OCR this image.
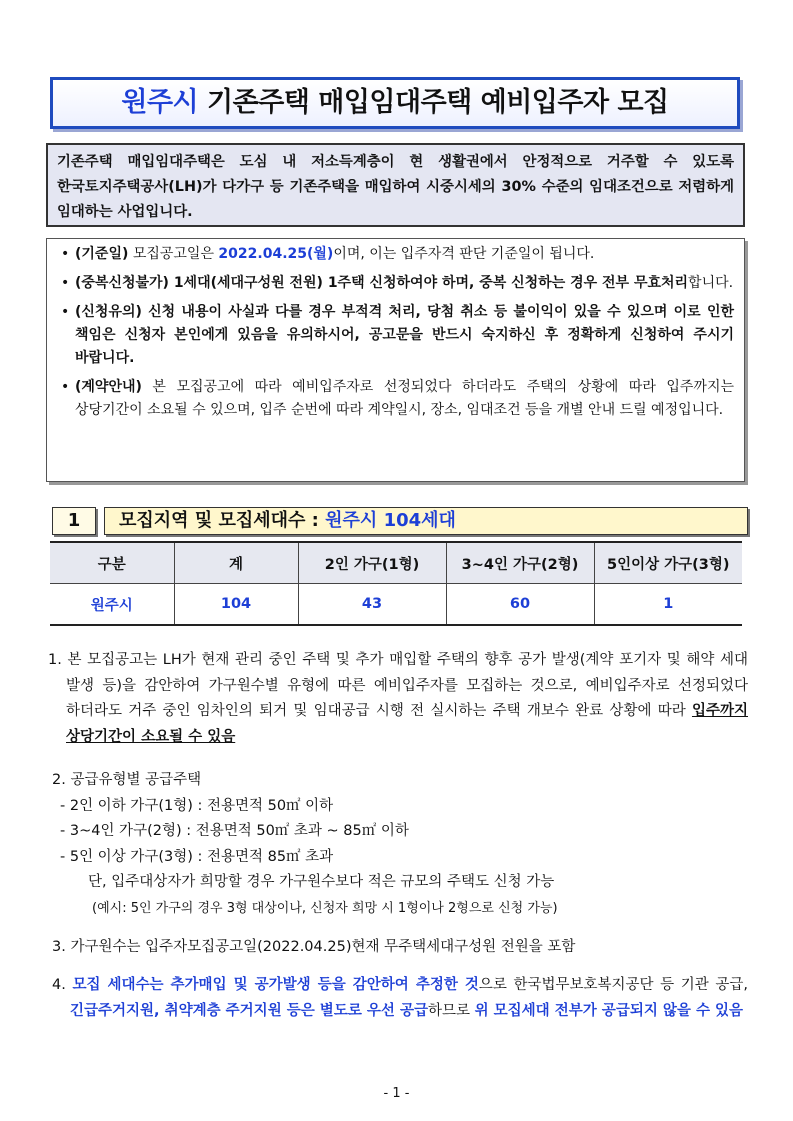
원주시 기존주택 매입임대주택 예비입주자 모집
기존주택 매입임대주택은 도심 내 저소득계층이 현 생활권에서 안정적으로 거주할 수 있도록 한국토지주택공사(LH)가 다가구 등 기존주택을 매입하여 시중시세의 30% 수준의 임대조건으로 저렴하게 임대하는 사업입니다.
• (기준일) 모집공고일은 2022.04.25(월)이며, 이는 입주자격 판단 기준일이 됩니다.
• (중복신청불가) 1세대(세대구성원 전원) 1주택 신청하여야 하며, 중복 신청하는 경우 전부 무효처리합니다.
• (신청유의) 신청 내용이 사실과 다를 경우 부적격 처리, 당첨 취소 등 불이익이 있을 수 있으며 이로 인한 책임은 신청자 본인에게 있음을 유의하시어, 공고문을 반드시 숙지하신 후 정확하게 신청하여 주시기 바랍니다.
• (계약안내) 본 모집공고에 따라 예비입주자로 선정되었다 하더라도 주택의 상황에 따라 입주까지는 상당기간이 소요될 수 있으며, 입주 순번에 따라 계약일시, 장소, 임대조건 등을 개별 안내 드릴 예정입니다.
1	모집지역 및 모집세대수 : 원주시 104세대
구분	계	2인 가구(1형)	3~4인 가구(2형)	5인이상 가구(3형)
원주시	104	43	60	1
1. 본 모집공고는 LH가 현재 관리 중인 주택 및 추가 매입할 주택의 향후 공가 발생(계약 포기자 및 해약 세대 발생 등)을 감안하여 가구원수별 유형에 따른 예비입주자를 모집하는 것으로, 예비입주자로 선정되었다 하더라도 거주 중인 임차인의 퇴거 및 임대공급 시행 전 실시하는 주택 개보수 완료 상황에 따라 입주까지 상당기간이 소요될 수 있음
2. 공급유형별 공급주택
- 2인 이하 가구(1형) : 전용면적 50㎡ 이하
- 3~4인 가구(2형) : 전용면적 50㎡ 초과 ~ 85㎡ 이하
- 5인 이상 가구(3형) : 전용면적 85㎡ 초과
단, 입주대상자가 희망할 경우 가구원수보다 적은 규모의 주택도 신청 가능
(예시: 5인 가구의 경우 3형 대상이나, 신청자 희망 시 1형이나 2형으로 신청 가능)
3. 가구원수는 입주자모집공고일(2022.04.25)현재 무주택세대구성원 전원을 포함
4. 모집 세대수는 추가매입 및 공가발생 등을 감안하여 추정한 것으로 한국법무보호복지공단 등 기관 공급, 긴급주거지원, 취약계층 주거지원 등은 별도로 우선 공급하므로 위 모집세대 전부가 공급되지 않을 수 있음
- 1 -
